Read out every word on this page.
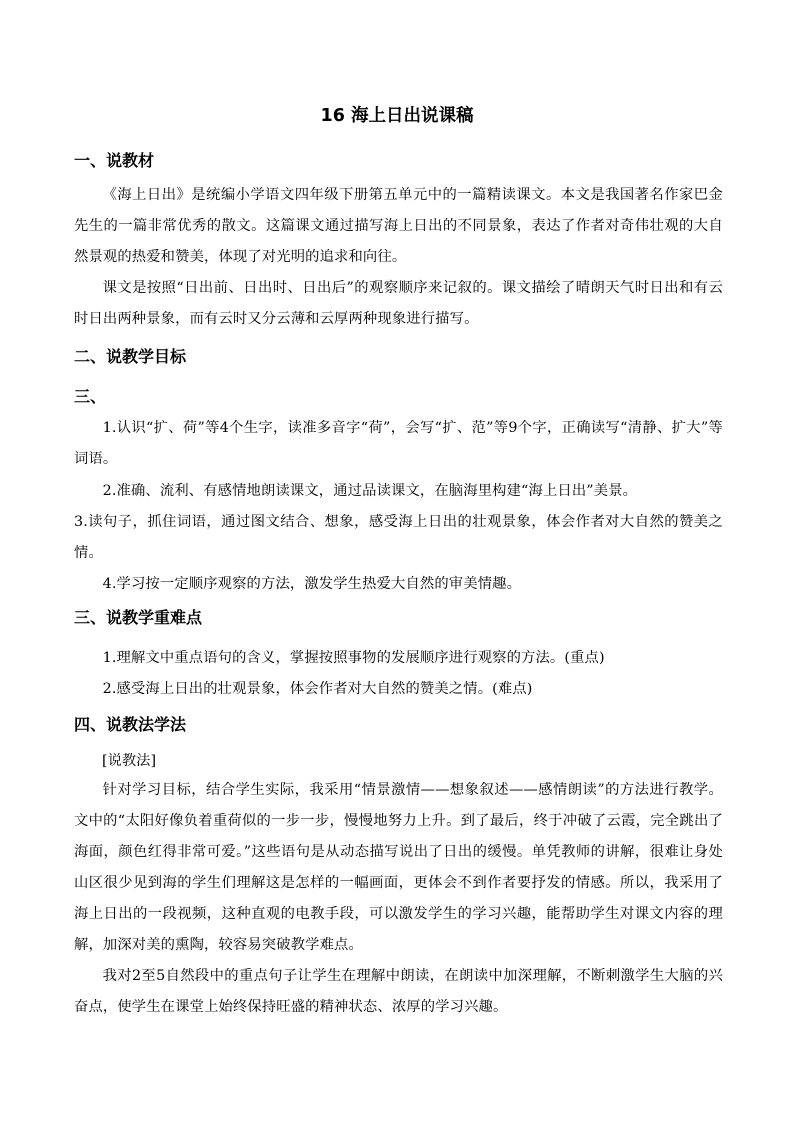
16 海上日出说课稿
一、说教材

《海上日出》是统编小学语文四年级下册第五单元中的一篇精读课文。本文是我国著名作家巴金先生的一篇非常优秀的散文。这篇课文通过描写海上日出的不同景象，表达了作者对奇伟壮观的大自然景观的热爱和赞美，体现了对光明的追求和向往。

课文是按照“日出前、日出时、日出后”的观察顺序来记叙的。课文描绘了晴朗天气时日出和有云时日出两种景象，而有云时又分云薄和云厚两种现象进行描写。

二、说教学目标
三、

1.认识“扩、荷”等4个生字，读准多音字“荷”，会写“扩、范”等9个字，正确读写“清静、扩大”等词语。

2.准确、流利、有感情地朗读课文，通过品读课文，在脑海里构建“海上日出”美景。

3.读句子，抓住词语，通过图文结合、想象，感受海上日出的壮观景象，体会作者对大自然的赞美之情。

4.学习按一定顺序观察的方法，激发学生热爱大自然的审美情趣。

三、说教学重难点

1.理解文中重点语句的含义，掌握按照事物的发展顺序进行观察的方法。(重点)

2.感受海上日出的壮观景象，体会作者对大自然的赞美之情。(难点)

四、说教法学法

[说教法]

针对学习目标，结合学生实际，我采用“情景激情——想象叙述——感情朗读”的方法进行教学。文中的“太阳好像负着重荷似的一步一步，慢慢地努力上升。到了最后，终于冲破了云霞，完全跳出了海面，颜色红得非常可爱。”这些语句是从动态描写说出了日出的缓慢。单凭教师的讲解，很难让身处山区很少见到海的学生们理解这是怎样的一幅画面，更体会不到作者要抒发的情感。所以，我采用了海上日出的一段视频，这种直观的电教手段，可以激发学生的学习兴趣，能帮助学生对课文内容的理解，加深对美的熏陶，较容易突破教学难点。

我对2至5自然段中的重点句子让学生在理解中朗读，在朗读中加深理解，不断刺激学生大脑的兴奋点，使学生在课堂上始终保持旺盛的精神状态、浓厚的学习兴趣。
